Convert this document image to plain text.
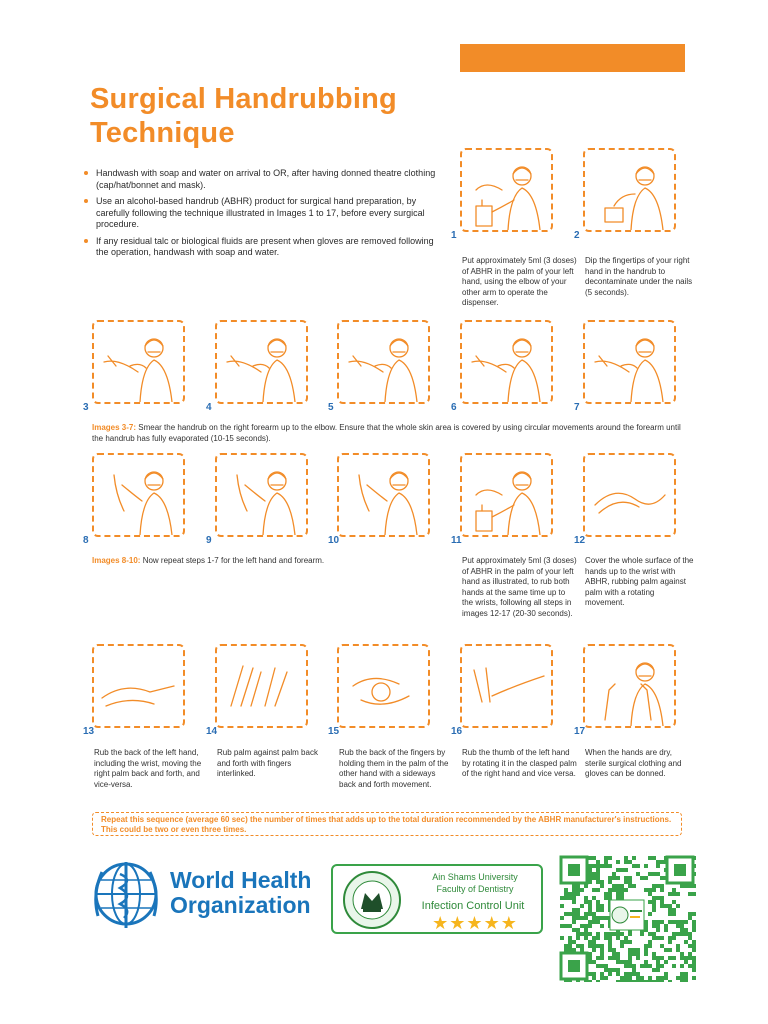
Surgical Handrubbing
Technique
Handwash with soap and water on arrival to OR, after having donned theatre clothing (cap/hat/bonnet and mask).
Use an alcohol-based handrub (ABHR) product for surgical hand preparation, by carefully following the technique illustrated in Images 1 to 17, before every surgical procedure.
If any residual talc or biological fluids are present when gloves are removed following the operation, handwash with soap and water.
1
Put approximately 5ml (3 doses) of ABHR in the palm of your left hand, using the elbow of your other arm to operate the dispenser.
2
Dip the fingertips of your right hand in the handrub to decontaminate under the nails (5 seconds).
3	4	5	6	7
8	9	10	11
Put approximately 5ml (3 doses) of ABHR in the palm of your left hand as illustrated, to rub both hands at the same time up to the wrists, following all steps in images 12-17 (20-30 seconds).
12
Cover the whole surface of the hands up to the wrist with ABHR, rubbing palm against palm with a rotating movement.
13
Rub the back of the left hand, including the wrist, moving the right palm back and forth, and vice-versa.
14
Rub palm against palm back and forth with fingers interlinked.
15
Rub the back of the fingers by holding them in the palm of the other hand with a sideways back and forth movement.
16
Rub the thumb of the left hand by rotating it in the clasped palm of the right hand and vice versa.
17
When the hands are dry, sterile surgical clothing and gloves can be donned.
Images 3-7: Smear the handrub on the right forearm up to the elbow. Ensure that the whole skin area is covered by using circular movements around the forearm until the handrub has fully evaporated (10-15 seconds).
Images 8-10: Now repeat steps 1-7 for the left hand and forearm.
Repeat this sequence (average 60 sec) the number of times that adds up to the total duration recommended by the ABHR manufacturer's instructions. This could be two or even three times.
World Health
Organization
Ain Shams University
Faculty of Dentistry
Infection Control Unit
★★★★★
